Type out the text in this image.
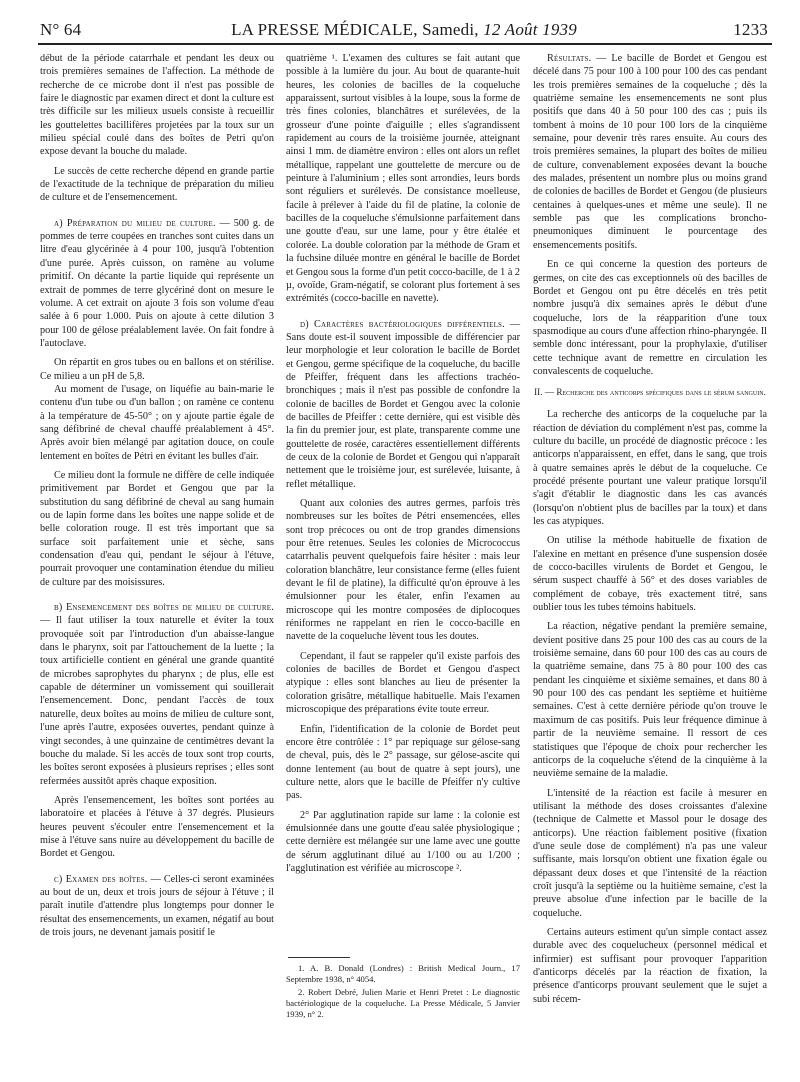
N° 64	LA PRESSE MÉDICALE, Samedi, 12 Août 1939	1233

début de la période catarrhale et pendant les deux ou trois premières semaines de l'affection. La méthode de recherche de ce microbe dont il n'est pas possible de faire le diagnostic par examen direct et dont la culture est très difficile sur les milieux usuels consiste à recueillir les gouttelettes bacillifères projetées par la toux sur un milieu spécial coulé dans des boîtes de Petri qu'on expose devant la bouche du malade.

Le succès de cette recherche dépend en grande partie de l'exactitude de la technique de préparation du milieu de culture et de l'ensemencement.

a) Préparation du milieu de culture. — 500 g. de pommes de terre coupées en tranches sont cuites dans un litre d'eau glycérinée à 4 pour 100, jusqu'à l'obtention d'une purée. Après cuisson, on ramène au volume primitif. On décante la partie liquide qui représente un extrait de pommes de terre glycériné dont on mesure le volume. A cet extrait on ajoute 3 fois son volume d'eau salée à 6 pour 1.000. Puis on ajoute à cette dilution 3 pour 100 de gélose préalablement lavée. On fait fondre à l'autoclave.

On répartit en gros tubes ou en ballons et on stérilise. Ce milieu a un pH de 5,8.

Au moment de l'usage, on liquéfie au bain-marie le contenu d'un tube ou d'un ballon ; on ramène ce contenu à la température de 45-50° ; on y ajoute partie égale de sang défibriné de cheval chauffé préalablement à 45°. Après avoir bien mélangé par agitation douce, on coule lentement en boîtes de Pétri en évitant les bulles d'air.

Ce milieu dont la formule ne diffère de celle indiquée primitivement par Bordet et Gengou que par la substitution du sang défibriné de cheval au sang humain ou de lapin forme dans les boîtes une nappe solide et de belle coloration rouge. Il est très important que sa surface soit parfaitement unie et sèche, sans condensation d'eau qui, pendant le séjour à l'étuve, pourrait provoquer une contamination étendue du milieu de culture par des moisissures.

b) Ensemencement des boîtes de milieu de culture. — Il faut utiliser la toux naturelle et éviter la toux provoquée soit par l'introduction d'un abaisse-langue dans le pharynx, soit par l'attouchement de la luette ; la toux artificielle contient en général une grande quantité de microbes saprophytes du pharynx ; de plus, elle est capable de déterminer un vomissement qui souillerait l'ensemencement. Donc, pendant l'accès de toux naturelle, deux boîtes au moins de milieu de culture sont, l'une après l'autre, exposées ouvertes, pendant quinze à vingt secondes, à une quinzaine de centimètres devant la bouche du malade. Si les accès de toux sont trop courts, les boîtes seront exposées à plusieurs reprises ; elles sont refermées aussitôt après chaque exposition.

Après l'ensemencement, les boîtes sont portées au laboratoire et placées à l'étuve à 37 degrés. Plusieurs heures peuvent s'écouler entre l'ensemencement et la mise à l'étuve sans nuire au développement du bacille de Bordet et Gengou.

c) Examen des boîtes. — Celles-ci seront examinées au bout de un, deux et trois jours de séjour à l'étuve ; il paraît inutile d'attendre plus longtemps pour donner le résultat des ensemencements, un examen, négatif au bout de trois jours, ne devenant jamais positif le

quatrième ¹. L'examen des cultures se fait autant que possible à la lumière du jour. Au bout de quarante-huit heures, les colonies de bacilles de la coqueluche apparaissent, surtout visibles à la loupe, sous la forme de très fines colonies, blanchâtres et surélevées, de la grosseur d'une pointe d'aiguille ; elles s'agrandissent rapidement au cours de la troisième journée, atteignant ainsi 1 mm. de diamètre environ : elles ont alors un reflet métallique, rappelant une gouttelette de mercure ou de peinture à l'aluminium ; elles sont arrondies, leurs bords sont réguliers et surélevés. De consistance moelleuse, facile à prélever à l'aide du fil de platine, la colonie de bacilles de la coqueluche s'émulsionne parfaitement dans une goutte d'eau, sur une lame, pour y être étalée et colorée. La double coloration par la méthode de Gram et la fuchsine diluée montre en général le bacille de Bordet et Gengou sous la forme d'un petit cocco-bacille, de 1 à 2 µ, ovoïde, Gram-négatif, se colorant plus fortement à ses extrémités (cocco-bacille en navette).

d) Caractères bactériologiques différentiels. — Sans doute est-il souvent impossible de différencier par leur morphologie et leur coloration le bacille de Bordet et Gengou, germe spécifique de la coqueluche, du bacille de Pfeiffer, fréquent dans les affections trachéo-bronchiques ; mais il n'est pas possible de confondre la colonie de bacilles de Bordet et Gengou avec la colonie de bacilles de Pfeiffer : cette dernière, qui est visible dès la fin du premier jour, est plate, transparente comme une gouttelette de rosée, caractères essentiellement différents de ceux de la colonie de Bordet et Gengou qui n'apparaît nettement que le troisième jour, est surélevée, luisante, à reflet métallique.

Quant aux colonies des autres germes, parfois très nombreuses sur les boîtes de Pétri ensemencées, elles sont trop précoces ou ont de trop grandes dimensions pour être retenues. Seules les colonies de Micrococcus catarrhalis peuvent quelquefois faire hésiter : mais leur coloration blanchâtre, leur consistance ferme (elles fuient devant le fil de platine), la difficulté qu'on éprouve à les émulsionner pour les étaler, enfin l'examen au microscope qui les montre composées de diplocoques réniformes ne rappelant en rien le cocco-bacille en navette de la coqueluche lèvent tous les doutes.

Cependant, il faut se rappeler qu'il existe parfois des colonies de bacilles de Bordet et Gengou d'aspect atypique : elles sont blanches au lieu de présenter la coloration grisâtre, métallique habituelle. Mais l'examen microscopique des préparations évite toute erreur.

Enfin, l'identification de la colonie de Bordet peut encore être contrôlée : 1° par repiquage sur gélose-sang de cheval, puis, dès le 2° passage, sur gélose-ascite qui donne lentement (au bout de quatre à sept jours), une culture nette, alors que le bacille de Pfeiffer n'y cultive pas.

2° Par agglutination rapide sur lame : la colonie est émulsionnée dans une goutte d'eau salée physiologique ; cette dernière est mélangée sur une lame avec une goutte de sérum agglutinant dilué au 1/100 ou au 1/200 ; l'agglutination est vérifiée au microscope ².

1. A. B. Donald (Londres) : British Medical Journ., 17 Septembre 1938, n° 4054.

2. Robert Debré, Julien Marie et Henri Pretet : Le diagnostic bactériologique de la coqueluche. La Presse Médicale, 5 Janvier 1939, n° 2.

Résultats. — Le bacille de Bordet et Gengou est décelé dans 75 pour 100 à 100 pour 100 des cas pendant les trois premières semaines de la coqueluche ; dès la quatrième semaine les ensemencements ne sont plus positifs que dans 40 à 50 pour 100 des cas ; puis ils tombent à moins de 10 pour 100 lors de la cinquième semaine, pour devenir très rares ensuite. Au cours des trois premières semaines, la plupart des boîtes de milieu de culture, convenablement exposées devant la bouche des malades, présentent un nombre plus ou moins grand de colonies de bacilles de Bordet et Gengou (de plusieurs centaines à quelques-unes et même une seule). Il ne semble pas que les complications broncho-pneumoniques diminuent le pourcentage des ensemencements positifs.

En ce qui concerne la question des porteurs de germes, on cite des cas exceptionnels où des bacilles de Bordet et Gengou ont pu être décelés en très petit nombre jusqu'à dix semaines après le début d'une coqueluche, lors de la réapparition d'une toux spasmodique au cours d'une affection rhino-pharyngée. Il semble donc intéressant, pour la prophylaxie, d'utiliser cette technique avant de remettre en circulation les convalescents de coqueluche.

II. — Recherche des anticorps spécifiques dans le sérum sanguin.

La recherche des anticorps de la coqueluche par la réaction de déviation du complément n'est pas, comme la culture du bacille, un procédé de diagnostic précoce : les anticorps n'apparaissent, en effet, dans le sang, que trois à quatre semaines après le début de la coqueluche. Ce procédé présente pourtant une valeur pratique lorsqu'il s'agit d'établir le diagnostic dans les cas avancés (lorsqu'on n'obtient plus de bacilles par la toux) et dans les cas atypiques.

On utilise la méthode habituelle de fixation de l'alexine en mettant en présence d'une suspension dosée de cocco-bacilles virulents de Bordet et Gengou, le sérum suspect chauffé à 56° et des doses variables de complément de cobaye, très exactement titré, sans oublier tous les tubes témoins habituels.

La réaction, négative pendant la première semaine, devient positive dans 25 pour 100 des cas au cours de la troisième semaine, dans 60 pour 100 des cas au cours de la quatrième semaine, dans 75 à 80 pour 100 des cas pendant les cinquième et sixième semaines, et dans 80 à 90 pour 100 des cas pendant les septième et huitième semaines. C'est à cette dernière période qu'on trouve le maximum de cas positifs. Puis leur fréquence diminue à partir de la neuvième semaine. Il ressort de ces statistiques que l'époque de choix pour rechercher les anticorps de la coqueluche s'étend de la cinquième à la neuvième semaine de la maladie.

L'intensité de la réaction est facile à mesurer en utilisant la méthode des doses croissantes d'alexine (technique de Calmette et Massol pour le dosage des anticorps). Une réaction faiblement positive (fixation d'une seule dose de complément) n'a pas une valeur suffisante, mais lorsqu'on obtient une fixation égale ou dépassant deux doses et que l'intensité de la réaction croît jusqu'à la septième ou la huitième semaine, c'est la preuve absolue d'une infection par le bacille de la coqueluche.

Certains auteurs estiment qu'un simple contact assez durable avec des coquelucheux (personnel médical et infirmier) est suffisant pour provoquer l'apparition d'anticorps décelés par la réaction de fixation, la présence d'anticorps prouvant seulement que le sujet a subi récem-
